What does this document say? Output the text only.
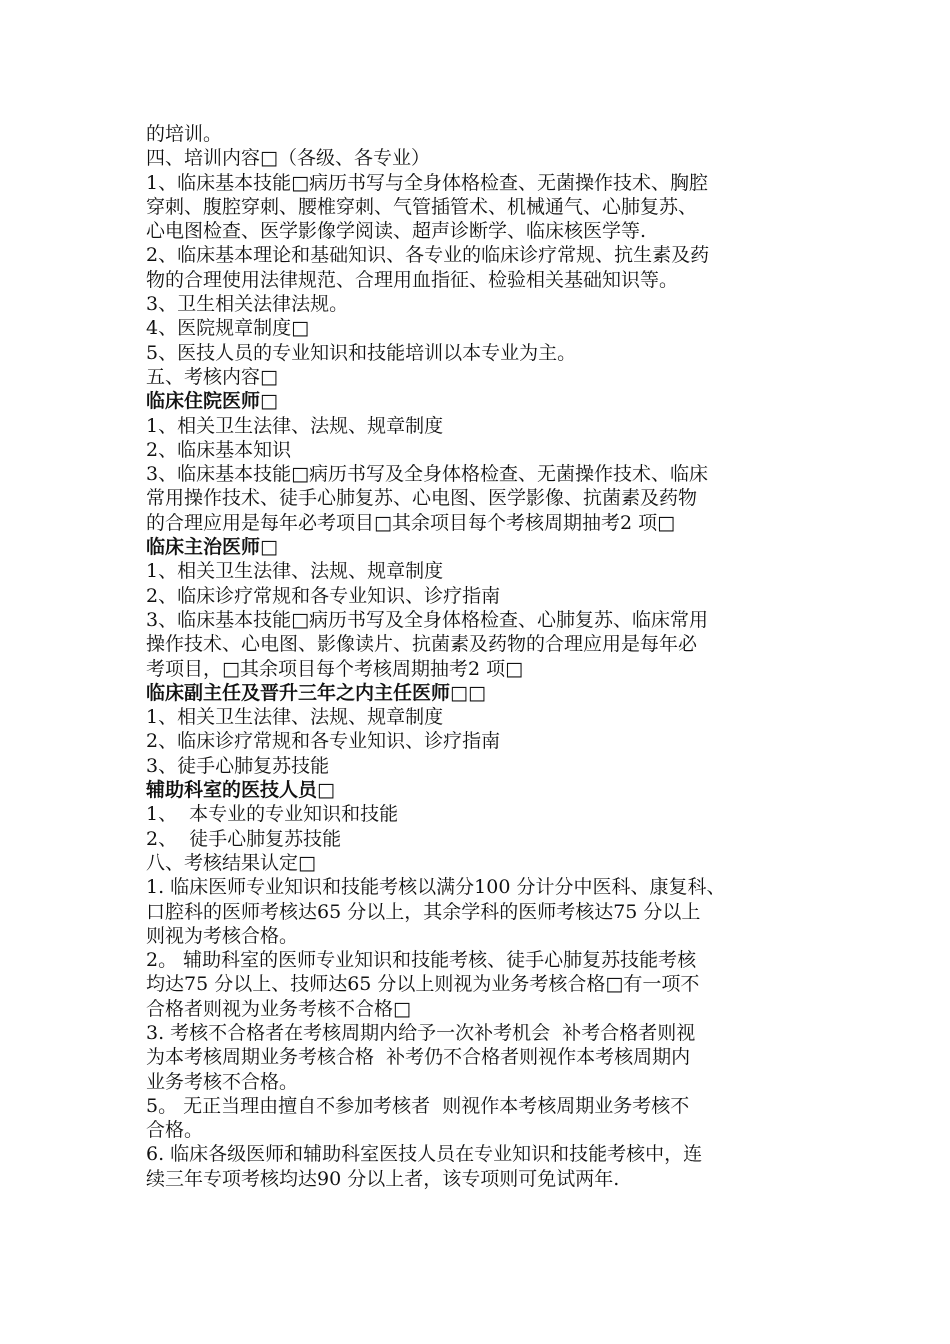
的培训。
四、培训内容□（各级、各专业）
1、临床基本技能□病历书写与全身体格检查、无菌操作技术、胸腔
穿刺、腹腔穿刺、腰椎穿刺、气管插管术、机械通气、心肺复苏、
心电图检查、医学影像学阅读、超声诊断学、临床核医学等.
2、临床基本理论和基础知识、各专业的临床诊疗常规、抗生素及药
物的合理使用法律规范、合理用血指征、检验相关基础知识等。
3、卫生相关法律法规。
4、医院规章制度□
5、医技人员的专业知识和技能培训以本专业为主。
五、考核内容□
临床住院医师□
1、相关卫生法律、法规、规章制度
2、临床基本知识
3、临床基本技能□病历书写及全身体格检查、无菌操作技术、临床
常用操作技术、徒手心肺复苏、心电图、医学影像、抗菌素及药物
的合理应用是每年必考项目□其余项目每个考核周期抽考2 项□
临床主治医师□
1、相关卫生法律、法规、规章制度
2、临床诊疗常规和各专业知识、诊疗指南
3、临床基本技能□病历书写及全身体格检查、心肺复苏、临床常用
操作技术、心电图、影像读片、抗菌素及药物的合理应用是每年必
考项目，□其余项目每个考核周期抽考2 项□
临床副主任及晋升三年之内主任医师□□
1、相关卫生法律、法规、规章制度
2、临床诊疗常规和各专业知识、诊疗指南
3、徒手心肺复苏技能
辅助科室的医技人员□
1、  本专业的专业知识和技能
2、  徒手心肺复苏技能
八、考核结果认定□
1. 临床医师专业知识和技能考核以满分100 分计分中医科、康复科、
口腔科的医师考核达65 分以上，其余学科的医师考核达75 分以上
则视为考核合格。
2。 辅助科室的医师专业知识和技能考核、徒手心肺复苏技能考核
均达75 分以上、技师达65 分以上则视为业务考核合格□有一项不
合格者则视为业务考核不合格□
3. 考核不合格者在考核周期内给予一次补考机会  补考合格者则视
为本考核周期业务考核合格  补考仍不合格者则视作本考核周期内
业务考核不合格。
5。 无正当理由擅自不参加考核者  则视作本考核周期业务考核不
合格。
6. 临床各级医师和辅助科室医技人员在专业知识和技能考核中，连
续三年专项考核均达90 分以上者，该专项则可免试两年.
